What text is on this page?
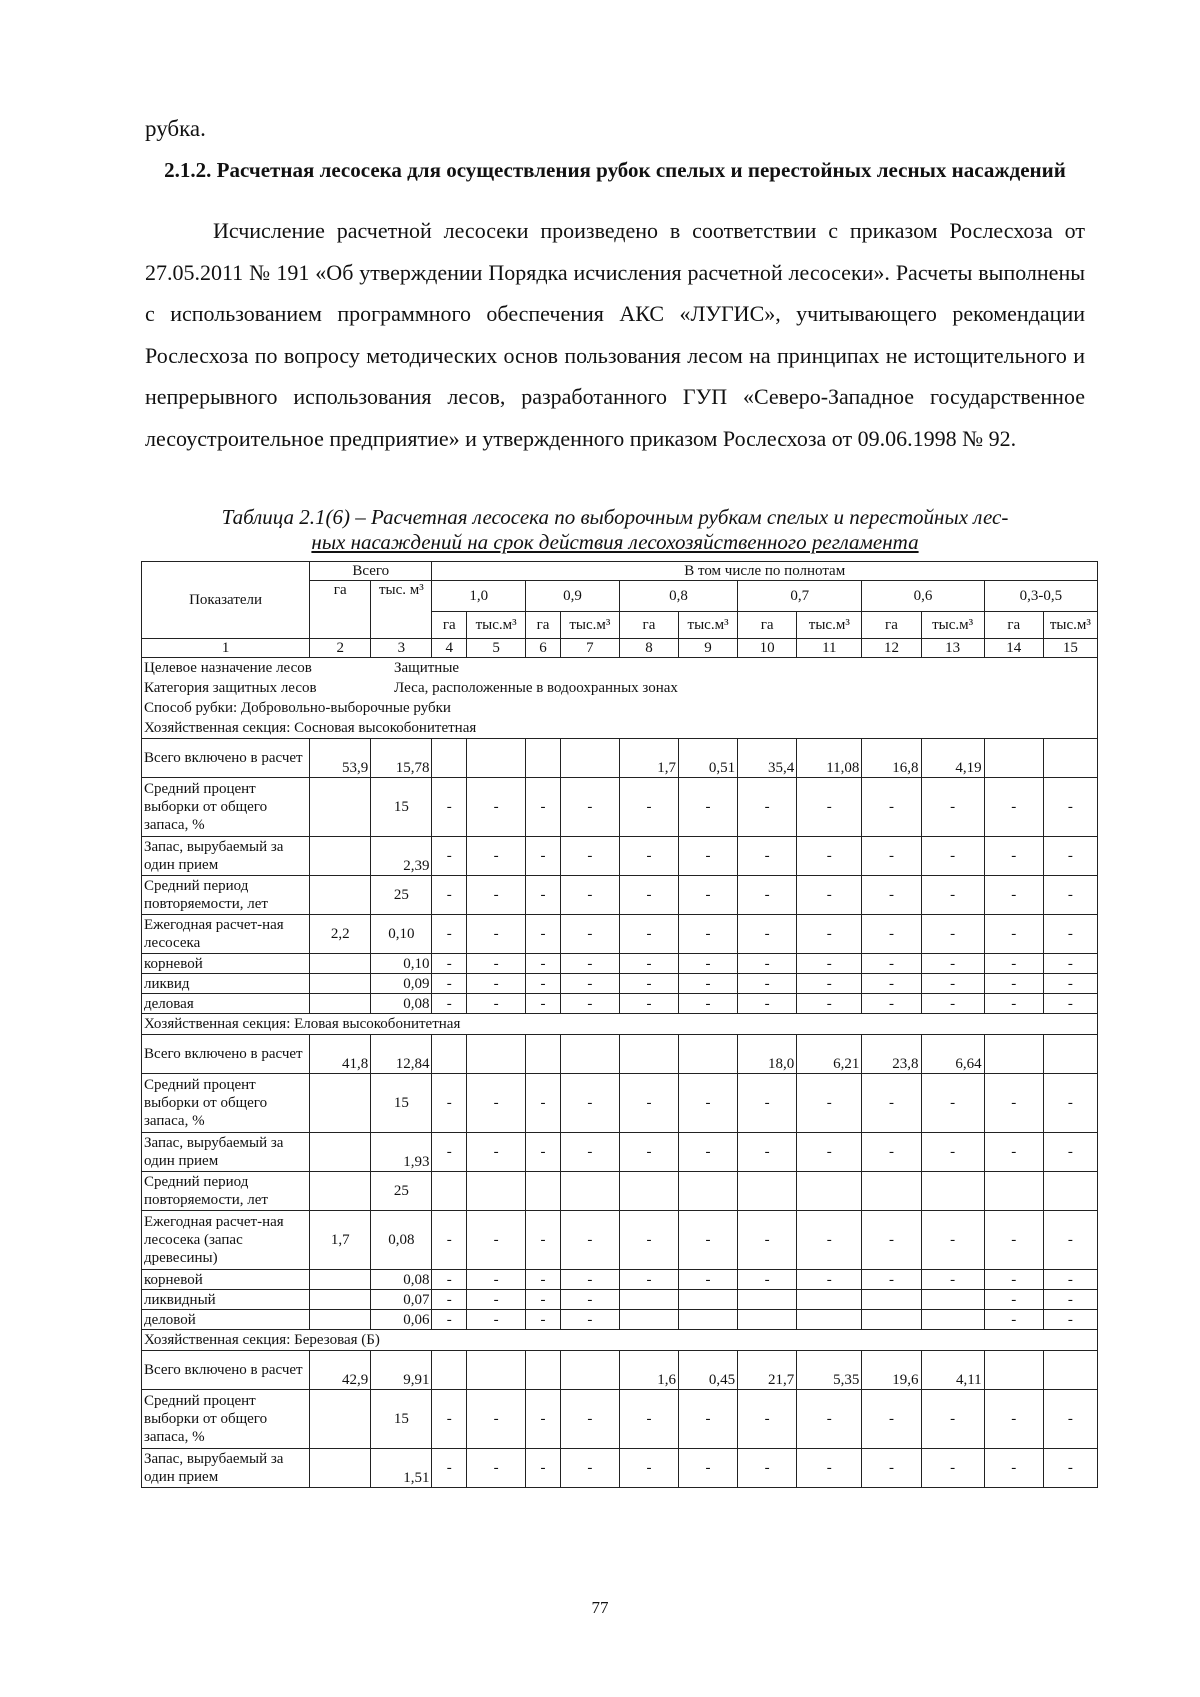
рубка.
2.1.2. Расчетная лесосека для осуществления рубок спелых и перестойных лесных насаждений
Исчисление расчетной лесосеки произведено в соответствии с приказом Рослесхоза от 27.05.2011 № 191 «Об утверждении Порядка исчисления расчетной лесосеки». Расчеты выполнены с использованием программного обеспечения АКС «ЛУГИС», учитывающего рекомендации Рослесхоза по вопросу методических основ пользования лесом на принципах не истощительного и непрерывного использования лесов, разработанного ГУП «Северо-Западное государственное лесоустроительное предприятие» и утвержденного приказом Рослесхоза от 09.06.1998 № 92.
Таблица 2.1(6) – Расчетная лесосека по выборочным рубкам спелых и перестойных лес-
ных насаждений на срок действия лесохозяйственного регламента
Показатели	Всего		В том числе по полнотам											
	га	тыс. м³	1,0		0,9		0,8		0,7		0,6		0,3-0,5	
			га	тыс.м³	га	тыс.м³	га	тыс.м³	га	тыс.м³	га	тыс.м³	га	тыс.м³
1	2	3	4	5	6	7	8	9	10	11	12	13	14	15

Целевое назначение лесов Защитные
Категория защитных лесов Леса, расположенные в водоохранных зонах
Способ рубки: Добровольно-выборочные рубки
Хозяйственная секция: Сосновая высокобонитетная														

Всего включено в расчет	53,9	15,78					1,7	0,51	35,4	11,08	16,8	4,19		
Средний процент выборки от общего запаса, %		15	-	-	-	-	-	-	-	-	-	-	-	-
Запас, вырубаемый за один прием		2,39	-	-	-	-	-	-	-	-	-	-	-	-
Средний период повторяемости, лет		25	-	-	-	-	-	-	-	-	-	-	-	-
Ежегодная расчет-ная лесосека	2,2	0,10	-	-	-	-	-	-	-	-	-	-	-	-
корневой		0,10	-	-	-	-	-	-	-	-	-	-	-	-
ликвид		0,09	-	-	-	-	-	-	-	-	-	-	-	-
деловая		0,08	-	-	-	-	-	-	-	-	-	-	-	-
Хозяйственная секция: Еловая высокобонитетная														
Всего включено в расчет	41,8	12,84							18,0	6,21	23,8	6,64		
Средний процент выборки от общего запаса, %		15	-	-	-	-	-	-	-	-	-	-	-	-
Запас, вырубаемый за один прием		1,93	-	-	-	-	-	-	-	-	-	-	-	-
Средний период повторяемости, лет		25												
Ежегодная расчет-ная лесосека (запас древесины)	1,7	0,08	-	-	-	-	-	-	-	-	-	-	-	-
корневой		0,08	-	-	-	-	-	-	-	-	-	-	-	-
ликвидный		0,07	-	-	-	-							-	-
деловой		0,06	-	-	-	-							-	-
Хозяйственная секция: Березовая (Б)														
Всего включено в расчет	42,9	9,91					1,6	0,45	21,7	5,35	19,6	4,11		
Средний процент выборки от общего запаса, %		15	-	-	-	-	-	-	-	-	-	-	-	-
Запас, вырубаемый за один прием		1,51	-	-	-	-	-	-	-	-	-	-	-	-
77
